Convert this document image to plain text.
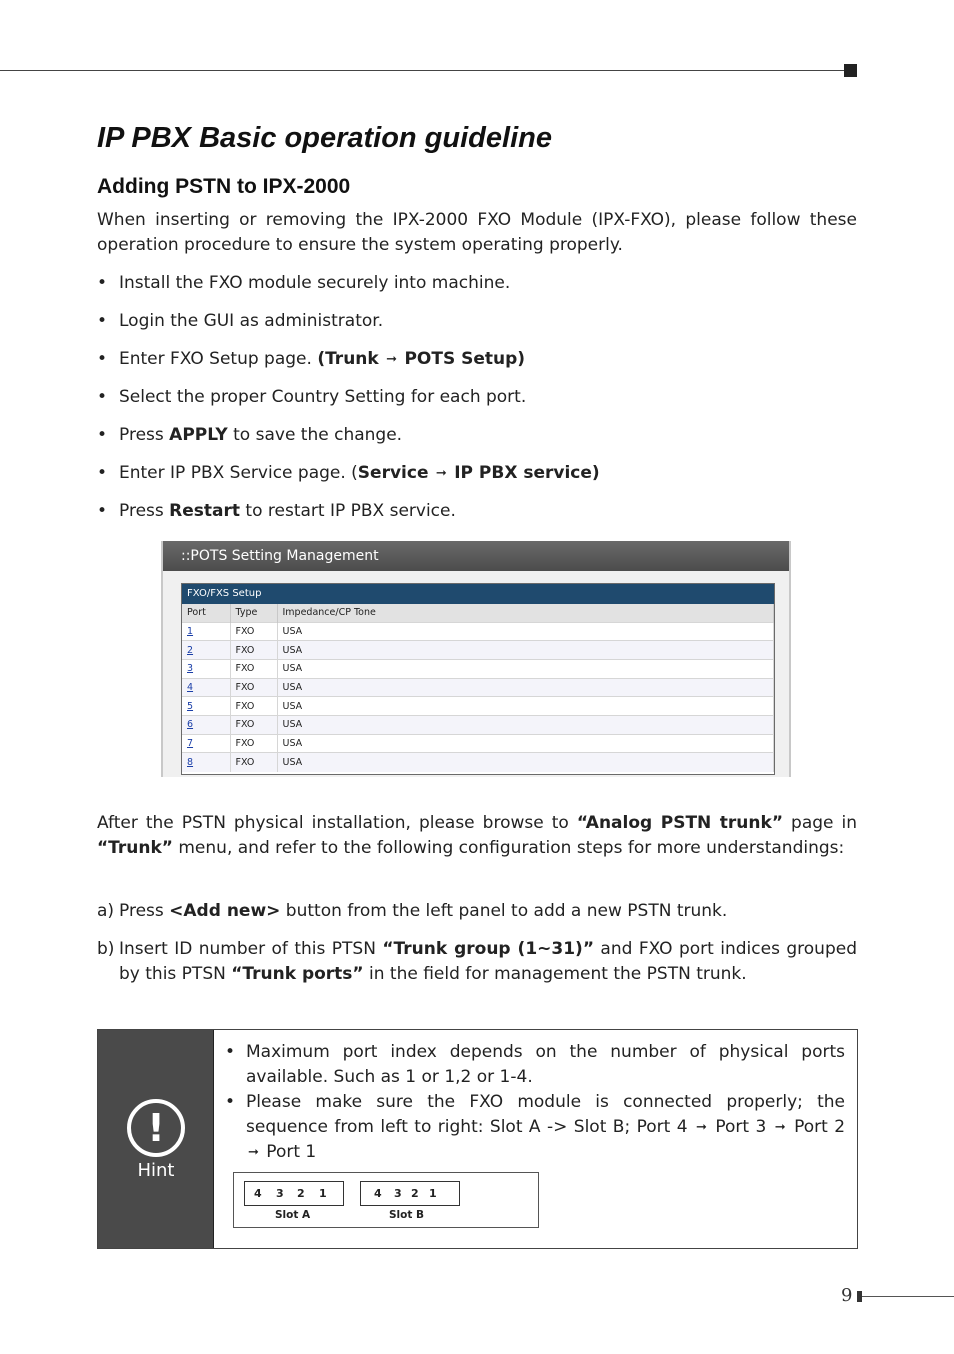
IP PBX Basic operation guideline
Adding PSTN to IPX-2000

When inserting or removing the IPX-2000 FXO Module (IPX-FXO), please follow these operation procedure to ensure the system operating properly.

• Install the FXO module securely into machine.
• Login the GUI as administrator.
• Enter FXO Setup page. (Trunk ➞ POTS Setup)
• Select the proper Country Setting for each port.
• Press APPLY to save the change.
• Enter IP PBX Service page. (Service ➞ IP PBX service)
• Press Restart to restart IP PBX service.
::POTS Setting Management
FXO/FXS Setup
Port	Type	Impedance/CP Tone
1	FXO	USA
2	FXO	USA
3	FXO	USA
4	FXO	USA
5	FXO	USA
6	FXO	USA
7	FXO	USA
8	FXO	USA

After the PSTN physical installation, please browse to “Analog PSTN trunk” page in “Trunk” menu, and refer to the following configuration steps for more understandings:

a) Press <Add new> button from the left panel to add a new PSTN trunk.

b) Insert ID number of this PTSN “Trunk group (1~31)” and FXO port indices grouped by this PTSN “Trunk ports” in the field for management the PSTN trunk.

!
Hint
• Maximum port index depends on the number of physical ports available. Such as 1 or 1,2 or 1-4.
• Please make sure the FXO module is connected properly; the sequence from left to right: Slot A -> Slot B; Port 4 ➞ Port 3 ➞ Port 2 ➞ Port 1
4 3 2 1
Slot A
4 3 2 1
Slot B
9
